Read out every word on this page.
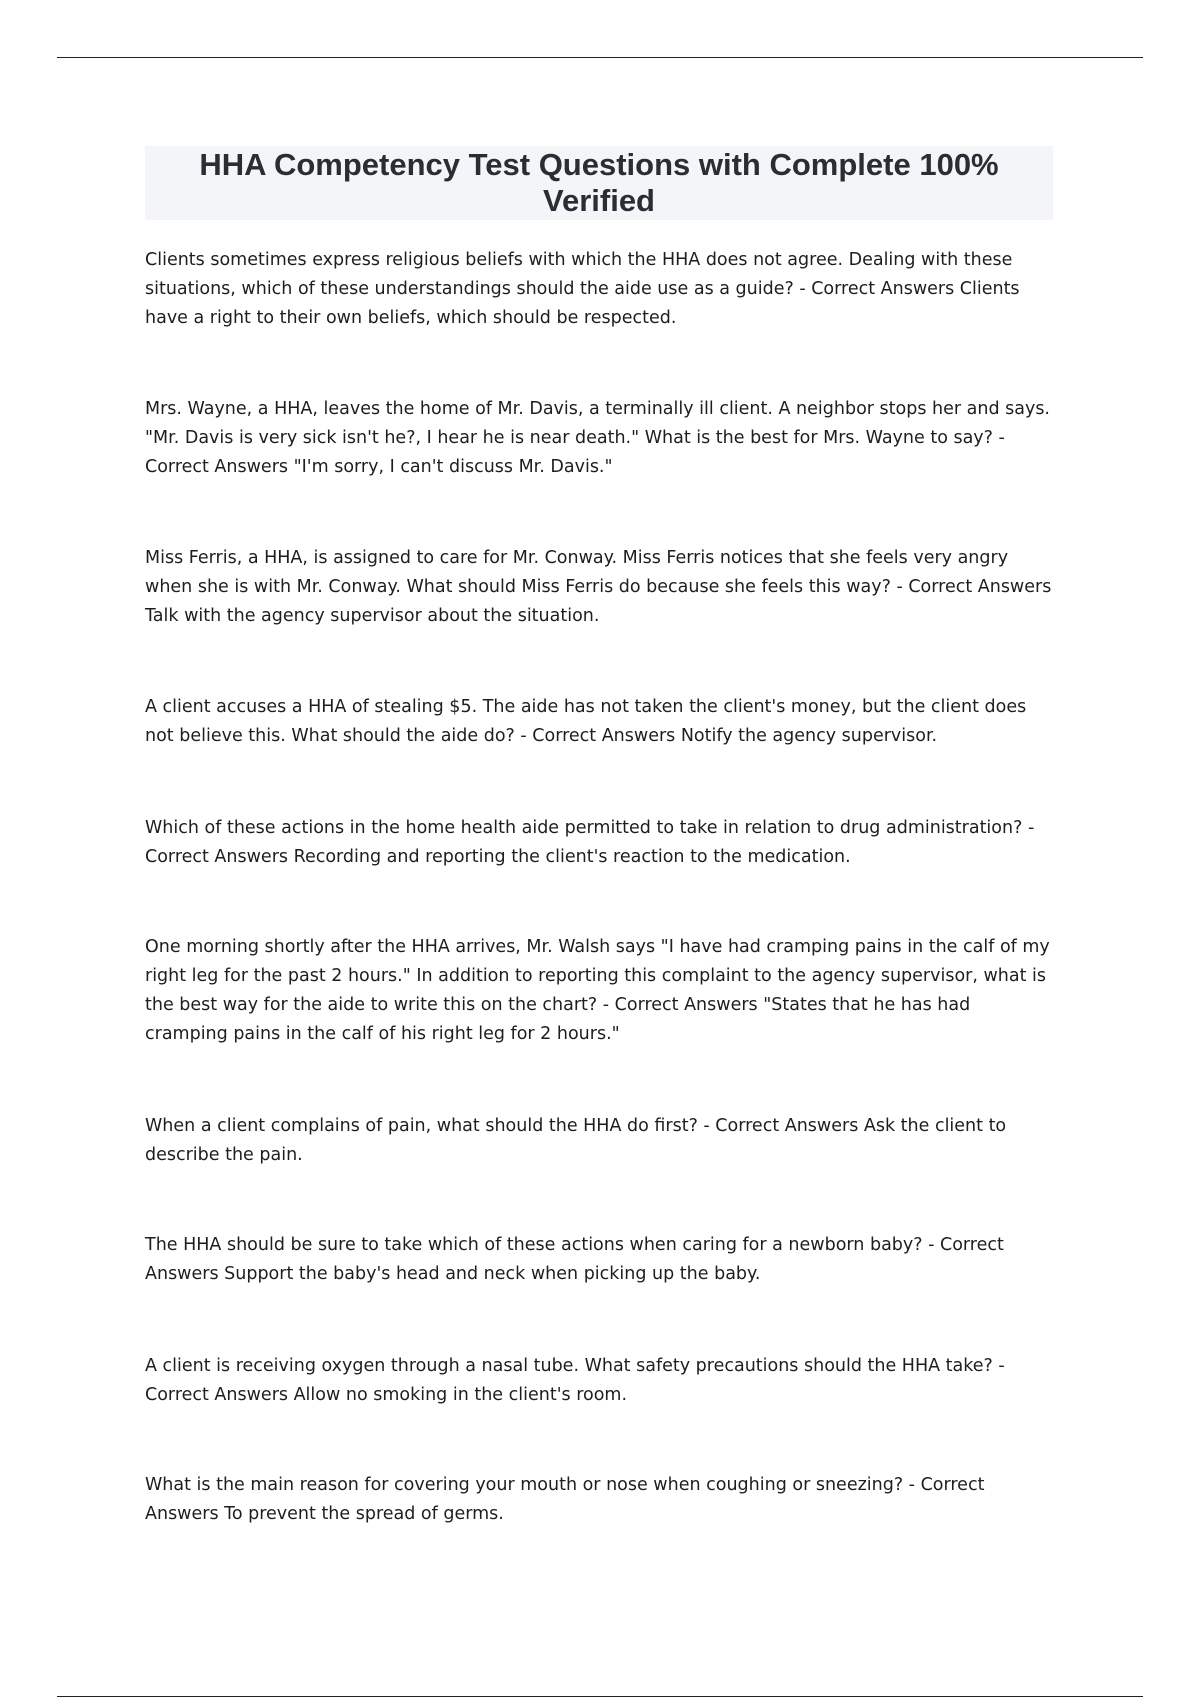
HHA Competency Test Questions with Complete 100% Verified
Clients sometimes express religious beliefs with which the HHA does not agree. Dealing with these situations, which of these understandings should the aide use as a guide? - Correct Answers Clients have a right to their own beliefs, which should be respected.
Mrs. Wayne, a HHA, leaves the home of Mr. Davis, a terminally ill client. A neighbor stops her and says. "Mr. Davis is very sick isn't he?, I hear he is near death." What is the best for Mrs. Wayne to say? - Correct Answers "I'm sorry, I can't discuss Mr. Davis."
Miss Ferris, a HHA, is assigned to care for Mr. Conway. Miss Ferris notices that she feels very angry when she is with Mr. Conway. What should Miss Ferris do because she feels this way? - Correct Answers Talk with the agency supervisor about the situation.
A client accuses a HHA of stealing $5. The aide has not taken the client's money, but the client does not believe this. What should the aide do? - Correct Answers Notify the agency supervisor.
Which of these actions in the home health aide permitted to take in relation to drug administration? - Correct Answers Recording and reporting the client's reaction to the medication.
One morning shortly after the HHA arrives, Mr. Walsh says "I have had cramping pains in the calf of my right leg for the past 2 hours." In addition to reporting this complaint to the agency supervisor, what is the best way for the aide to write this on the chart? - Correct Answers "States that he has had cramping pains in the calf of his right leg for 2 hours."
When a client complains of pain, what should the HHA do first? - Correct Answers Ask the client to describe the pain.
The HHA should be sure to take which of these actions when caring for a newborn baby? - Correct Answers Support the baby's head and neck when picking up the baby.
A client is receiving oxygen through a nasal tube. What safety precautions should the HHA take? - Correct Answers Allow no smoking in the client's room.
What is the main reason for covering your mouth or nose when coughing or sneezing? - Correct Answers To prevent the spread of germs.
